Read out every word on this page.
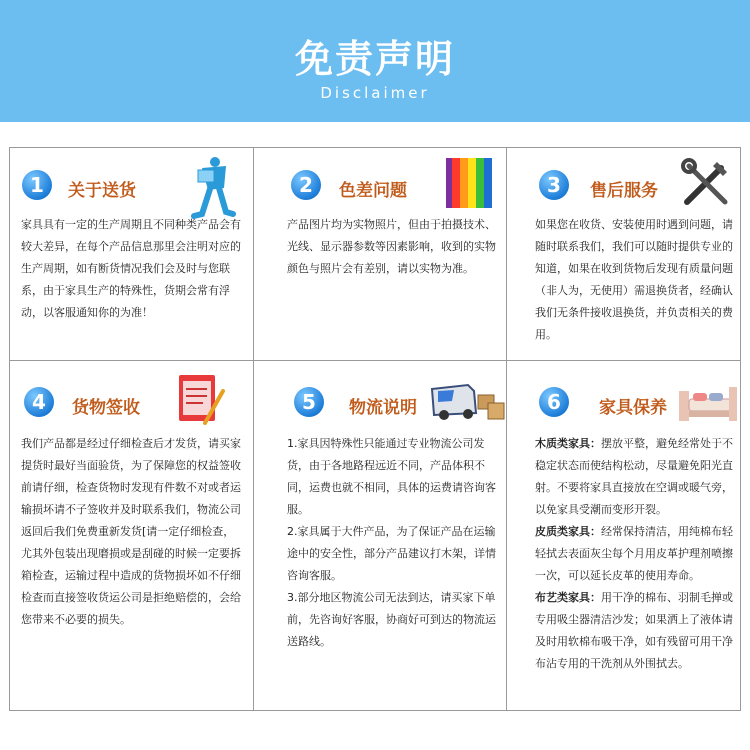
免责声明
Disclaimer
1	关于送货
家具具有一定的生产周期且不同种类产品会有较大差异，在每个产品信息那里会注明对应的生产周期，如有断货情况我们会及时与您联系，由于家具生产的特殊性，货期会常有浮动，以客服通知你的为准！
2	色差问题
产品图片均为实物照片，但由于拍摄技术、光线、显示器参数等因素影响，收到的实物颜色与照片会有差别，请以实物为准。
3	售后服务
如果您在收货、安装使用时遇到问题，请随时联系我们，我们可以随时提供专业的知道，如果在收到货物后发现有质量问题（非人为，无使用）需退换货者，经确认我们无条件接收退换货，并负责相关的费用。
4	货物签收
我们产品都是经过仔细检查后才发货，请买家提货时最好当面验货，为了保障您的权益签收前请仔细，检查货物时发现有件数不对或者运输损坏请不子签收并及时联系我们，物流公司返回后我们免费重新发货[请一定仔细检查，尤其外包装出现磨损或是刮碰的时候一定要拆箱检查，运输过程中造成的货物损坏如不仔细检查而直接签收货运公司是拒绝赔偿的，会给您带来不必要的损失。
5	物流说明

1.家具因特殊性只能通过专业物流公司发货，由于各地路程远近不同，产品体积不同，运费也就不相同，具体的运费请咨询客服。

2.家具属于大件产品，为了保证产品在运输途中的安全性，部分产品建议打木架，详情咨询客服。

3.部分地区物流公司无法到达，请买家下单前，先咨询好客服，协商好可到达的物流运送路线。

6	家具保养

木质类家具：摆放平整，避免经常处于不稳定状态而使结构松动，尽量避免阳光直射。不要将家具直接放在空调或暖气旁，以免家具受潮而变形开裂。

皮质类家具：经常保持清洁，用纯棉布轻轻拭去表面灰尘每个月用皮革护理剂喷擦一次，可以延长皮革的使用寿命。

布艺类家具：用干净的棉布、羽制毛掸或专用吸尘器清洁沙发；如果洒上了液体请及时用软棉布吸干净，如有残留可用干净布沾专用的干洗剂从外围拭去。
